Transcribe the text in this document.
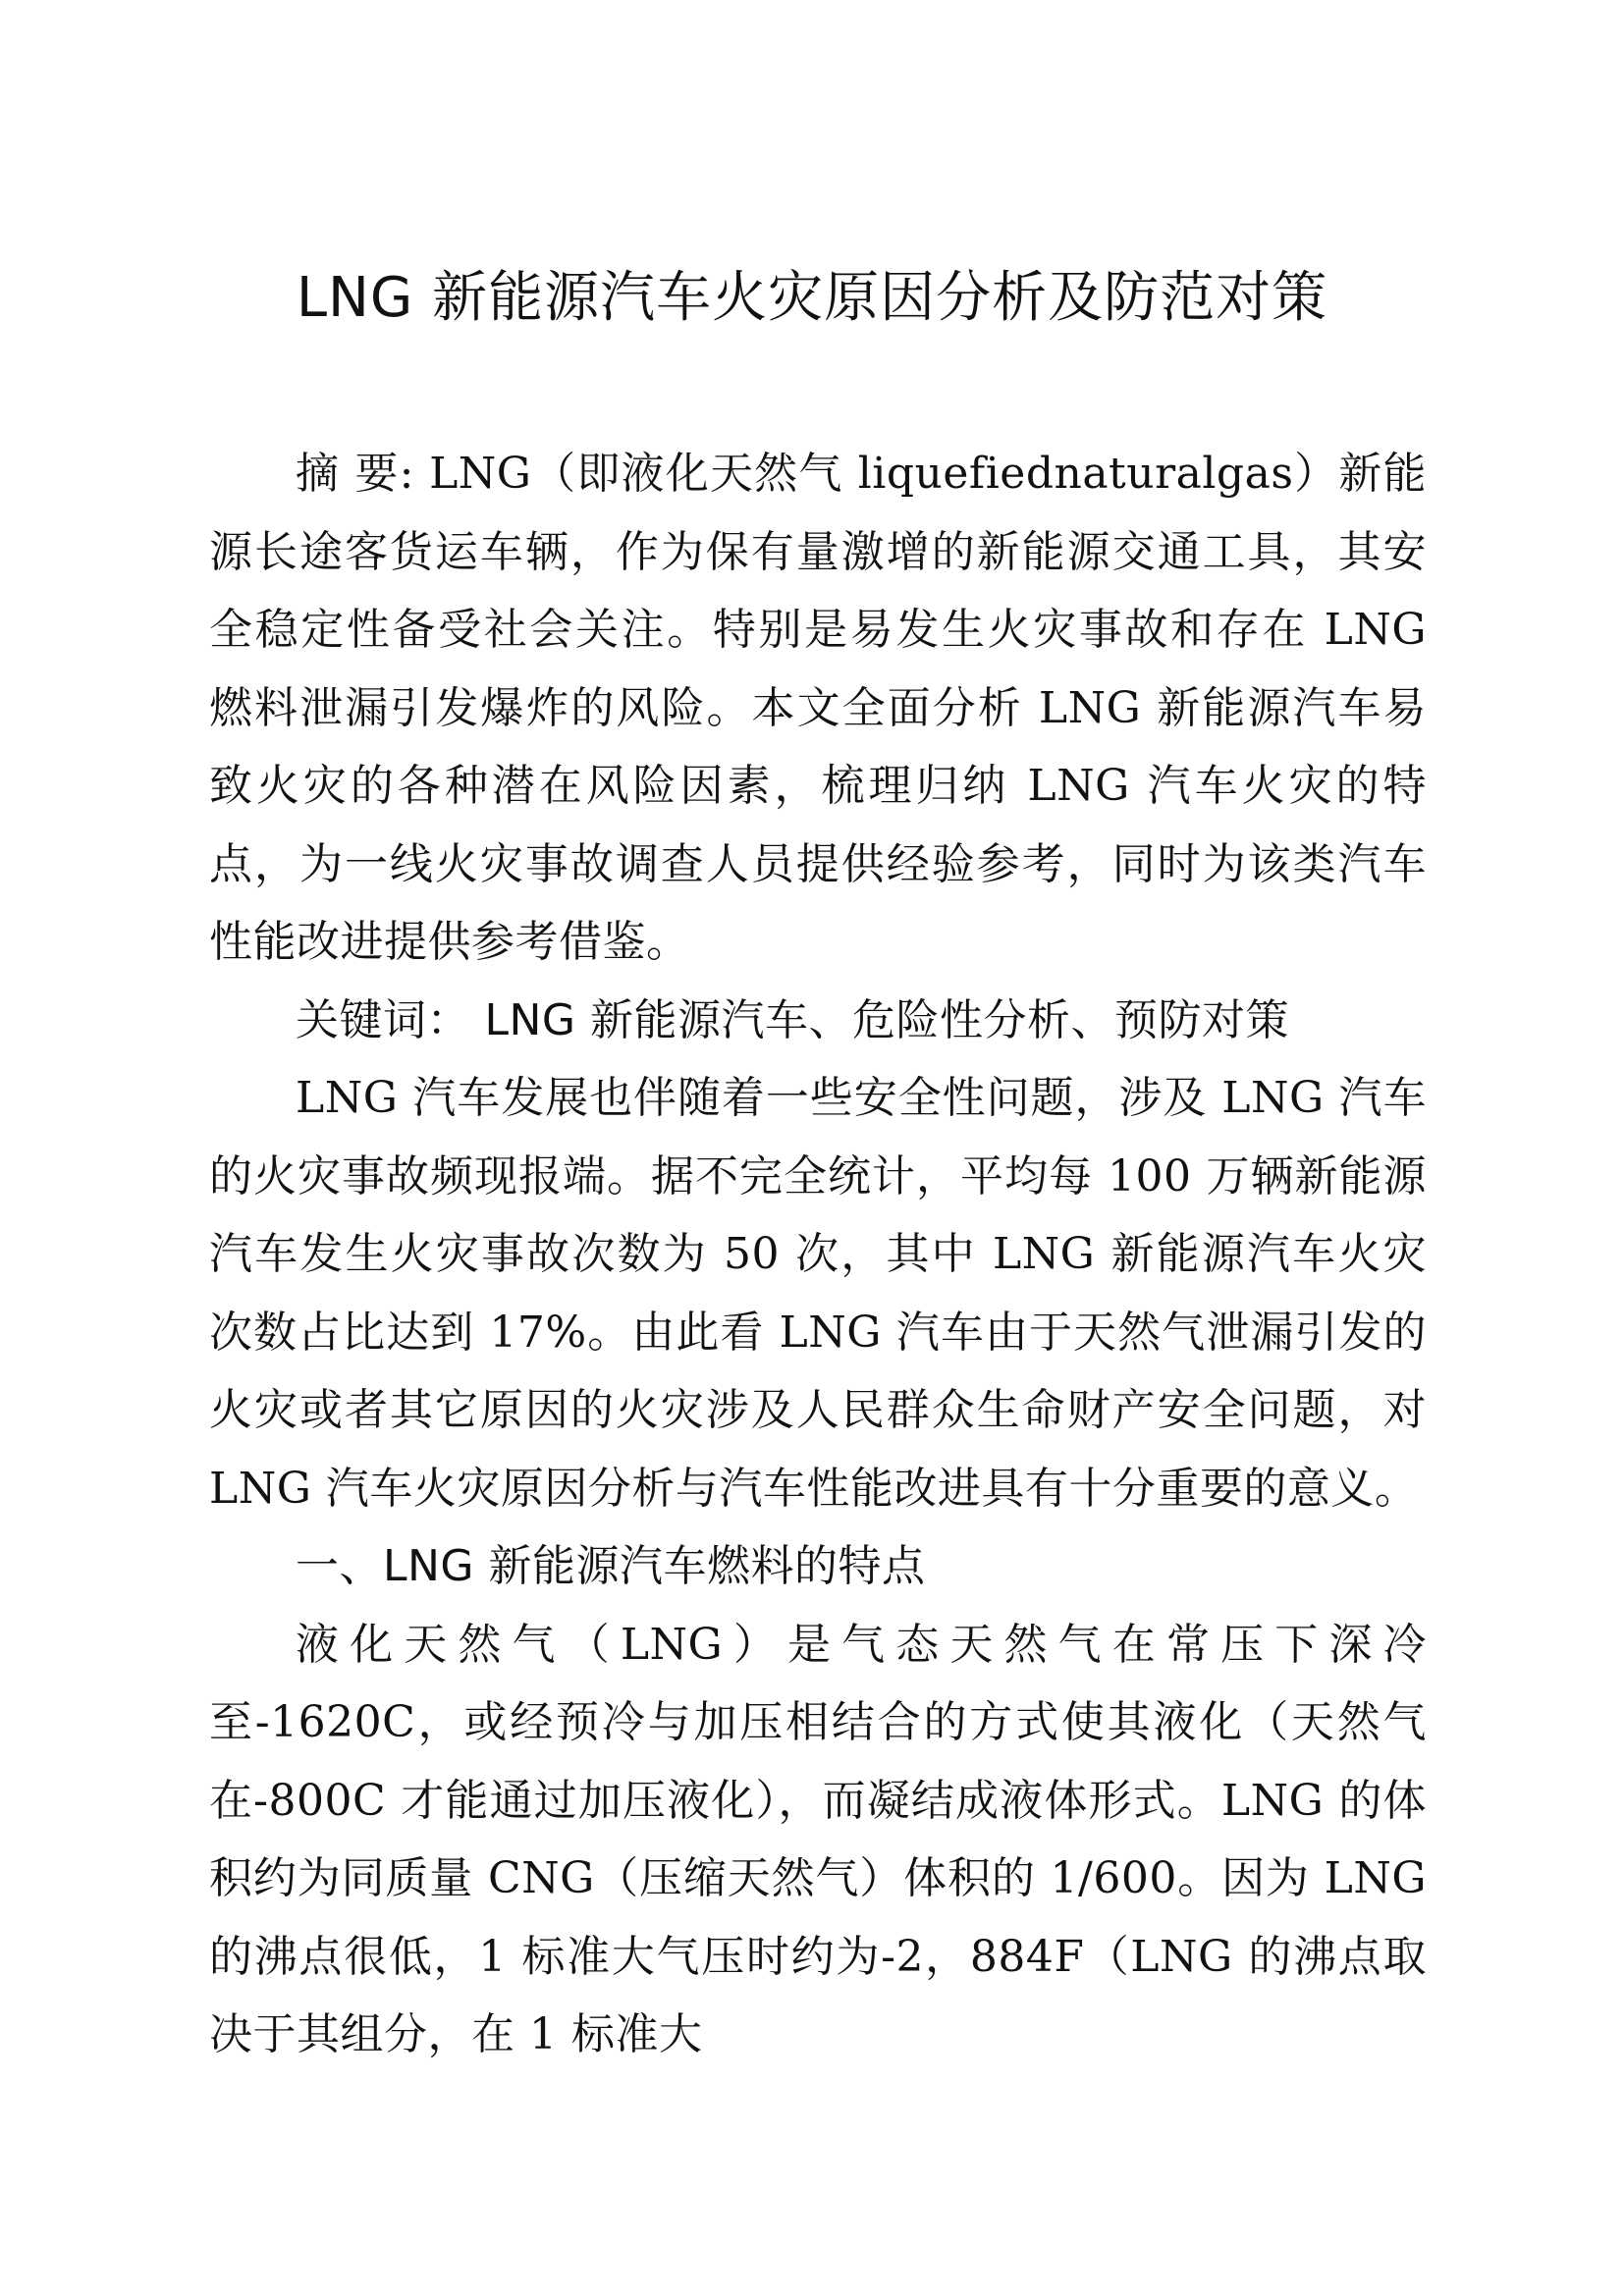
LNG 新能源汽车火灾原因分析及防范对策

摘 要: LNG（即液化天然气 liquefiednaturalgas）新能源长途客货运车辆，作为保有量激增的新能源交通工具，其安全稳定性备受社会关注。特别是易发生火灾事故和存在 LNG 燃料泄漏引发爆炸的风险。本文全面分析 LNG 新能源汽车易致火灾的各种潜在风险因素，梳理归纳 LNG 汽车火灾的特点，为一线火灾事故调查人员提供经验参考，同时为该类汽车性能改进提供参考借鉴。

关键词： LNG 新能源汽车、危险性分析、预防对策

LNG 汽车发展也伴随着一些安全性问题，涉及 LNG 汽车的火灾事故频现报端。据不完全统计，平均每 100 万辆新能源汽车发生火灾事故次数为 50 次，其中 LNG 新能源汽车火灾次数占比达到 17%。由此看 LNG 汽车由于天然气泄漏引发的火灾或者其它原因的火灾涉及人民群众生命财产安全问题，对 LNG 汽车火灾原因分析与汽车性能改进具有十分重要的意义。

一、LNG 新能源汽车燃料的特点

液化天然气（LNG）是气态天然气在常压下深冷至-1620C，或经预冷与加压相结合的方式使其液化（天然气在-800C 才能通过加压液化），而凝结成液体形式。LNG 的体积约为同质量 CNG（压缩天然气）体积的 1/600。因为 LNG 的沸点很低，1 标准大气压时约为-2，884F（LNG 的沸点取决于其组分，在 1 标准大
